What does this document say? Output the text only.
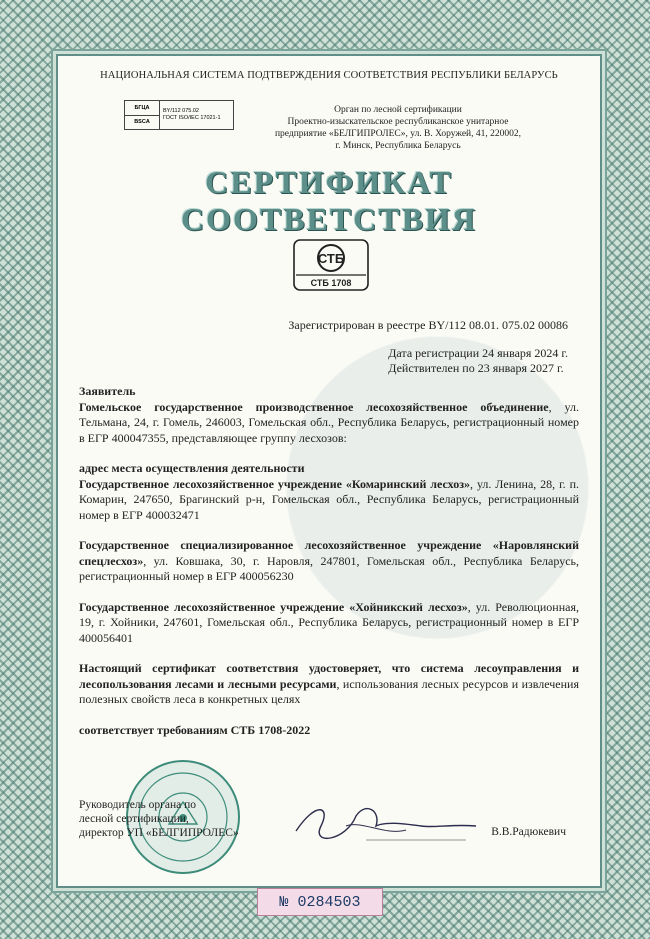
НАЦИОНАЛЬНАЯ СИСТЕМА ПОДТВЕРЖДЕНИЯ СООТВЕТСТВИЯ РЕСПУБЛИКИ БЕЛАРУСЬ
БГЦА
BSCA
BY/112 075.02
ГОСТ ISO/IEC 17021-1
Орган по лесной сертификации
Проектно-изыскательское республиканское унитарное
предприятие «БЕЛГИПРОЛЕС», ул. В. Хоружей, 41, 220002,
г. Минск, Республика Беларусь
СЕРТИФИКАТ СООТВЕТСТВИЯ
СТБ
СТБ 1708
Зарегистрирован в реестре BY/112 08.01. 075.02 00086
Дата регистрации 24 января 2024 г.
Действителен по 23 января 2027 г.

Заявитель
Гомельское государственное производственное лесохозяйственное объединение, ул. Тельмана, 24, г. Гомель, 246003, Гомельская обл., Республика Беларусь, регистрационный номер в ЕГР 400047355, представляющее группу лесхозов:

адрес места осуществления деятельности
Государственное лесохозяйственное учреждение «Комаринский лесхоз», ул. Ленина, 28, г. п. Комарин, 247650, Брагинский р-н, Гомельская обл., Республика Беларусь, регистрационный номер в ЕГР 400032471

Государственное специализированное лесохозяйственное учреждение «Наровлянский спецлесхоз», ул. Ковшака, 30, г. Наровля, 247801, Гомельская обл., Республика Беларусь, регистрационный номер в ЕГР 400056230

Государственное лесохозяйственное учреждение «Хойникский лесхоз», ул. Революционная, 19, г. Хойники, 247601, Гомельская обл., Республика Беларусь, регистрационный номер в ЕГР 400056401

Настоящий сертификат соответствия удостоверяет, что система лесоуправления и лесопользования лесами и лесными ресурсами, использования лесных ресурсов и извлечения полезных свойств леса в конкретных целях

соответствует требованиям СТБ 1708-2022

Руководитель органа по
лесной сертификации,
директор УП «БЕЛГИПРОЛЕС»	В.В.Радюкевич
№ 0284503
